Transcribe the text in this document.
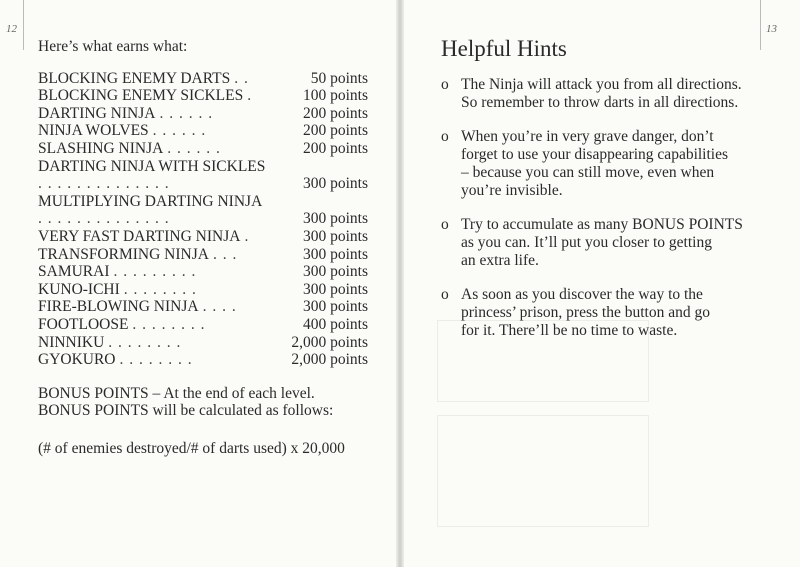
12	13

Here’s what earns what:

BLOCKING ENEMY DARTS . .	50 points
BLOCKING ENEMY SICKLES .	100 points
DARTING NINJA . . . . . .	200 points
NINJA WOLVES . . . . . .	200 points
SLASHING NINJA . . . . . .	200 points
DARTING NINJA WITH SICKLES
. . . . . . . . . . . . . .	300 points
MULTIPLYING DARTING NINJA
. . . . . . . . . . . . . .	300 points
VERY FAST DARTING NINJA .	300 points
TRANSFORMING NINJA . . .	300 points
SAMURAI . . . . . . . . .	300 points
KUNO-ICHI . . . . . . . .	300 points
FIRE-BLOWING NINJA . . . .	300 points
FOOTLOOSE . . . . . . . .	400 points
NINNIKU . . . . . . . .	2,000 points
GYOKURO . . . . . . . .	2,000 points

BONUS POINTS – At the end of each level.

BONUS POINTS will be calculated as follows:

(# of enemies destroyed/# of darts used) x 20,000
Helpful Hints
o The Ninja will attack you from all directions.
So remember to throw darts in all directions.
o When you’re in very grave danger, don’t
forget to use your disappearing capabilities
– because you can still move, even when
you’re invisible.
o Try to accumulate as many BONUS POINTS
as you can. It’ll put you closer to getting
an extra life.
o As soon as you discover the way to the
princess’ prison, press the button and go
for it. There’ll be no time to waste.
